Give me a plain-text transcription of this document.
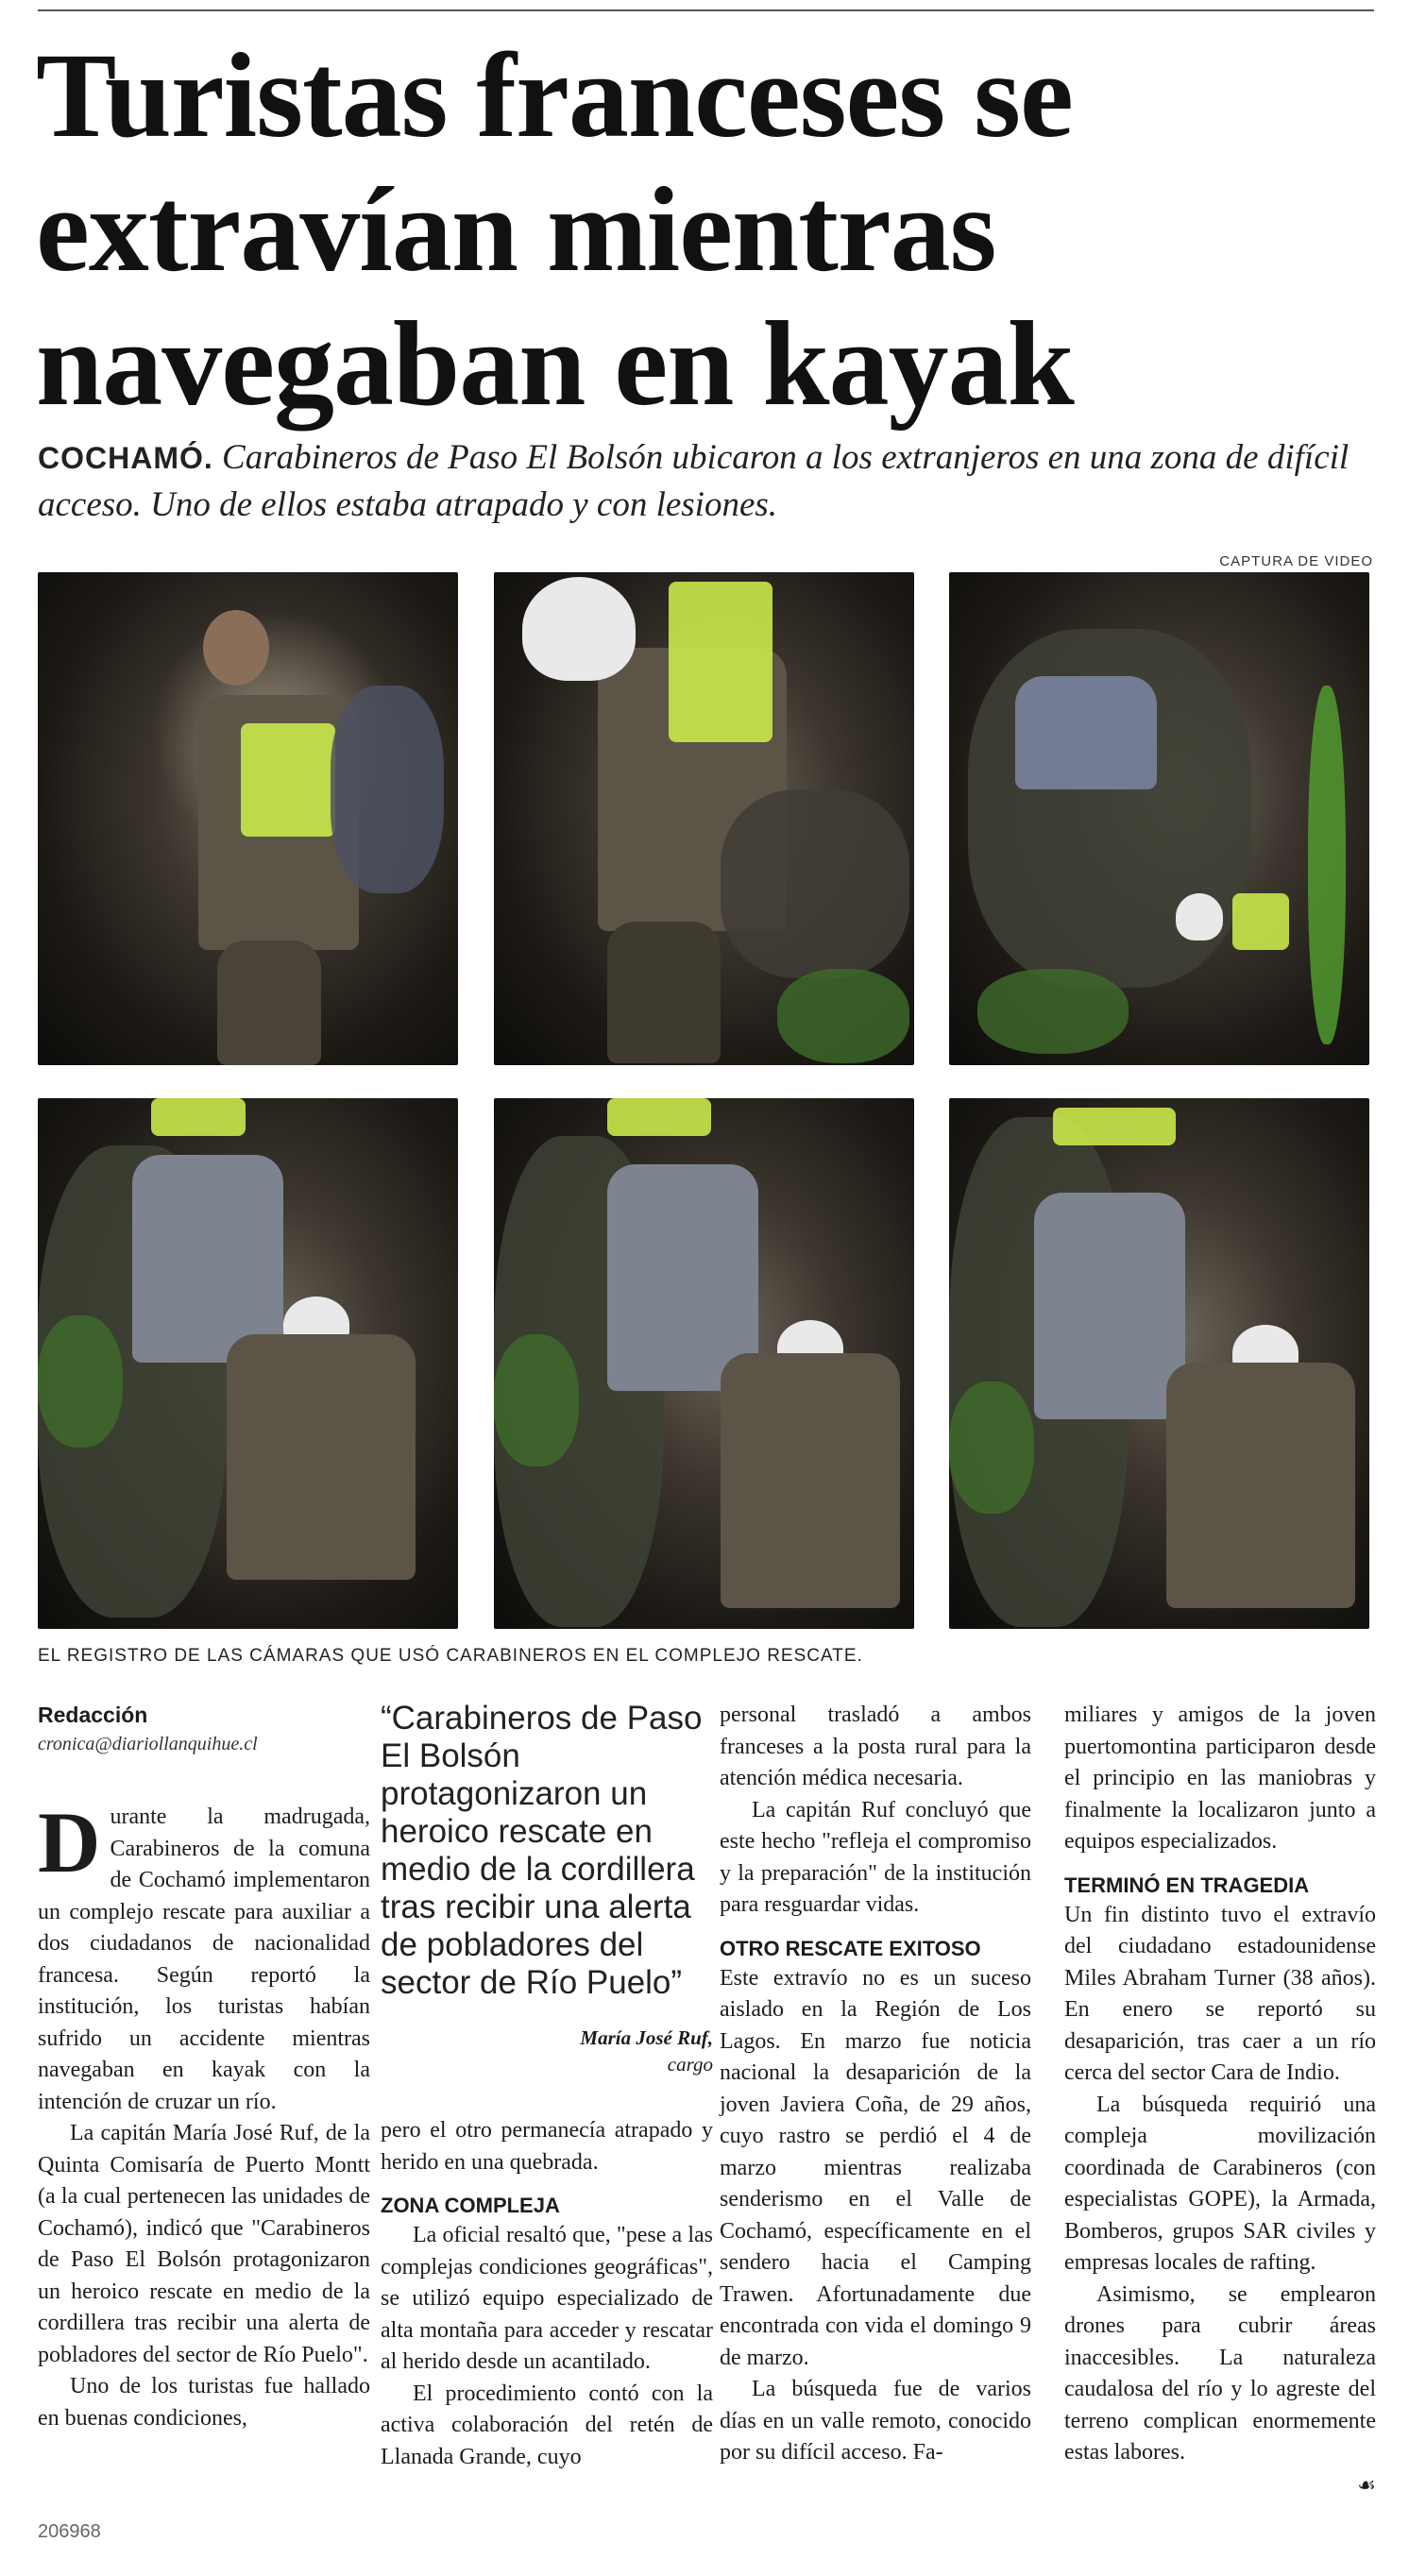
Turistas franceses se
extravían mientras
navegaban en kayak

COCHAMÓ. Carabineros de Paso El Bolsón ubicaron a los extranjeros en una zona de difícil acceso. Uno de ellos estaba atrapado y con lesiones.

CAPTURA DE VIDEO
EL REGISTRO DE LAS CÁMARAS QUE USÓ CARABINEROS EN EL COMPLEJO RESCATE.
Redacción
cronica@diariollanquihue.cl

Durante la madrugada, Carabineros de la comuna de Cochamó implementaron un complejo rescate para auxiliar a dos ciudadanos de nacionalidad francesa. Según reportó la institución, los turistas habían sufrido un accidente mientras navegaban en kayak con la intención de cruzar un río.

La capitán María José Ruf, de la Quinta Comisaría de Puerto Montt (a la cual pertenecen las unidades de Cochamó), indicó que "Carabineros de Paso El Bolsón protagonizaron un heroico rescate en medio de la cordillera tras recibir una alerta de pobladores del sector de Río Puelo".

Uno de los turistas fue hallado en buenas condiciones,

“Carabineros de Paso El Bolsón protagonizaron un heroico rescate en medio de la cordillera tras recibir una alerta de pobladores del sector de Río Puelo”
María José Ruf,
cargo

pero el otro permanecía atrapado y herido en una quebrada.

ZONA COMPLEJA

La oficial resaltó que, "pese a las complejas condiciones geográficas", se utilizó equipo especializado de alta montaña para acceder y rescatar al herido desde un acantilado.

El procedimiento contó con la activa colaboración del retén de Llanada Grande, cuyo

personal trasladó a ambos franceses a la posta rural para la atención médica necesaria.

La capitán Ruf concluyó que este hecho "refleja el compromiso y la preparación" de la institución para resguardar vidas.

OTRO RESCATE EXITOSO

Este extravío no es un suceso aislado en la Región de Los Lagos. En marzo fue noticia nacional la desaparición de la joven Javiera Coña, de 29 años, cuyo rastro se perdió el 4 de marzo mientras realizaba senderismo en el Valle de Cochamó, específicamente en el sendero hacia el Camping Trawen. Afortunadamente due encontrada con vida el domingo 9 de marzo.

La búsqueda fue de varios días en un valle remoto, conocido por su difícil acceso. Fa-

miliares y amigos de la joven puertomontina participaron desde el principio en las maniobras y finalmente la localizaron junto a equipos especializados.

TERMINÓ EN TRAGEDIA

Un fin distinto tuvo el extravío del ciudadano estadounidense Miles Abraham Turner (38 años). En enero se reportó su desaparición, tras caer a un río cerca del sector Cara de Indio.

La búsqueda requirió una compleja movilización coordinada de Carabineros (con especialistas GOPE), la Armada, Bomberos, grupos SAR civiles y empresas locales de rafting.

Asimismo, se emplearon drones para cubrir áreas inaccesibles. La naturaleza caudalosa del río y lo agreste del terreno complican enormemente estas labores.

☙
206968
